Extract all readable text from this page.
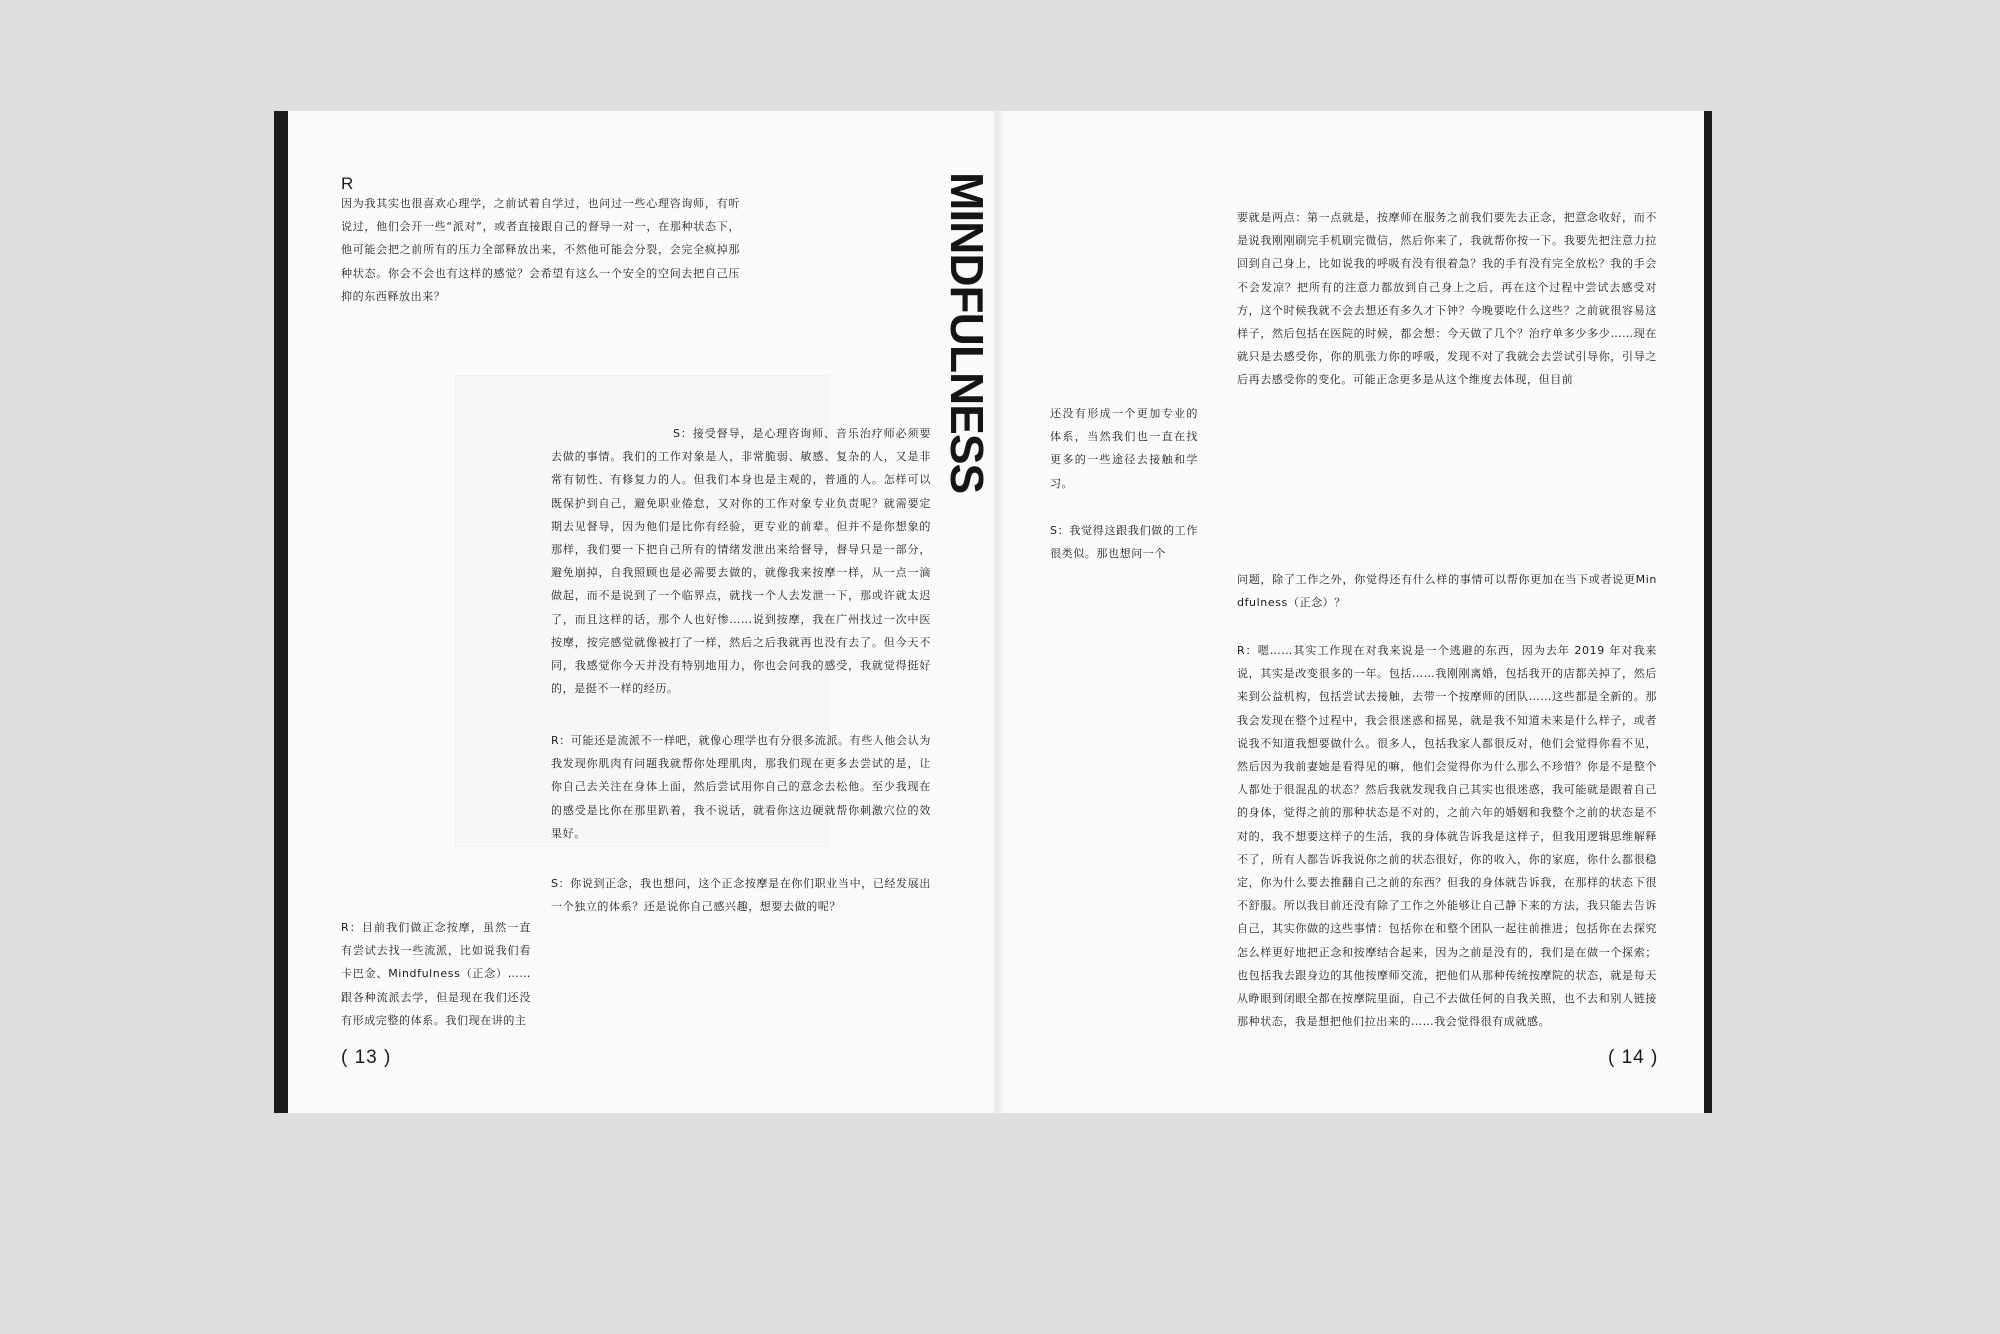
R

因为我其实也很喜欢心理学，之前试着自学过，也问过一些心理咨询师，有听说过，他们会开一些“派对”，或者直接跟自己的督导一对一，在那种状态下，他可能会把之前所有的压力全部释放出来，不然他可能会分裂，会完全疯掉那种状态。你会不会也有这样的感觉？会希望有这么一个安全的空间去把自己压抑的东西释放出来？

S：接受督导，是心理咨询师、音乐治疗师必须要去做的事情。我们的工作对象是人，非常脆弱、敏感、复杂的人，又是非常有韧性、有修复力的人。但我们本身也是主观的，普通的人。怎样可以既保护到自己，避免职业倦怠，又对你的工作对象专业负责呢？就需要定期去见督导，因为他们是比你有经验，更专业的前辈。但并不是你想象的那样，我们要一下把自己所有的情绪发泄出来给督导，督导只是一部分，避免崩掉，自我照顾也是必需要去做的，就像我来按摩一样，从一点一滴做起，而不是说到了一个临界点，就找一个人去发泄一下，那或许就太迟了，而且这样的话，那个人也好惨……说到按摩，我在广州找过一次中医按摩，按完感觉就像被打了一样，然后之后我就再也没有去了。但今天不同，我感觉你今天并没有特别地用力，你也会问我的感受，我就觉得挺好的，是挺不一样的经历。

R：可能还是流派不一样吧，就像心理学也有分很多流派。有些人他会认为我发现你肌肉有问题我就帮你处理肌肉，那我们现在更多去尝试的是，让你自己去关注在身体上面，然后尝试用你自己的意念去松他。至少我现在的感受是比你在那里趴着，我不说话，就看你这边硬就帮你刺激穴位的效果好。

S：你说到正念，我也想问，这个正念按摩是在你们职业当中，已经发展出一个独立的体系？还是说你自己感兴趣，想要去做的呢？

R：目前我们做正念按摩，虽然一直有尝试去找一些流派，比如说我们看卡巴金、Mindfulness（正念）……跟各种流派去学，但是现在我们还没有形成完整的体系。我们现在讲的主

( 13 )
MINDFULNESS	要就是两点：第一点就是，按摩师在服务之前我们要先去正念，把意念收好，而不是说我刚刚刷完手机刷完微信，然后你来了，我就帮你按一下。我要先把注意力拉回到自己身上，比如说我的呼吸有没有很着急？我的手有没有完全放松？我的手会不会发凉？把所有的注意力都放到自己身上之后，再在这个过程中尝试去感受对方，这个时候我就不会去想还有多久才下钟？今晚要吃什么这些？之前就很容易这样子，然后包括在医院的时候，都会想：今天做了几个？治疗单多少多少……现在就只是去感受你，你的肌张力你的呼吸，发现不对了我就会去尝试引导你，引导之后再去感受你的变化。可能正念更多是从这个维度去体现，但目前

还没有形成一个更加专业的体系，当然我们也一直在找更多的一些途径去接触和学习。

S：我觉得这跟我们做的工作很类似。那也想问一个

问题，除了工作之外，你觉得还有什么样的事情可以帮你更加在当下或者说更Mindfulness（正念）？

R：嗯……其实工作现在对我来说是一个逃避的东西，因为去年 2019 年对我来说，其实是改变很多的一年。包括……我刚刚离婚，包括我开的店都关掉了，然后来到公益机构，包括尝试去接触，去带一个按摩师的团队……这些都是全新的。那我会发现在整个过程中，我会很迷惑和摇晃，就是我不知道未来是什么样子，或者说我不知道我想要做什么。很多人，包括我家人都很反对，他们会觉得你看不见，然后因为我前妻她是看得见的嘛，他们会觉得你为什么那么不珍惜？你是不是整个人都处于很混乱的状态？然后我就发现我自己其实也很迷惑，我可能就是跟着自己的身体，觉得之前的那种状态是不对的，之前六年的婚姻和我整个之前的状态是不对的，我不想要这样子的生活，我的身体就告诉我是这样子，但我用逻辑思维解释不了，所有人都告诉我说你之前的状态很好，你的收入，你的家庭，你什么都很稳定，你为什么要去推翻自己之前的东西？但我的身体就告诉我，在那样的状态下很不舒服。所以我目前还没有除了工作之外能够让自己静下来的方法，我只能去告诉自己，其实你做的这些事情：包括你在和整个团队一起往前推进；包括你在去探究怎么样更好地把正念和按摩结合起来，因为之前是没有的，我们是在做一个探索；也包括我去跟身边的其他按摩师交流，把他们从那种传统按摩院的状态，就是每天从睁眼到闭眼全都在按摩院里面，自己不去做任何的自我关照，也不去和别人链接那种状态，我是想把他们拉出来的……我会觉得很有成就感。

( 14 )
